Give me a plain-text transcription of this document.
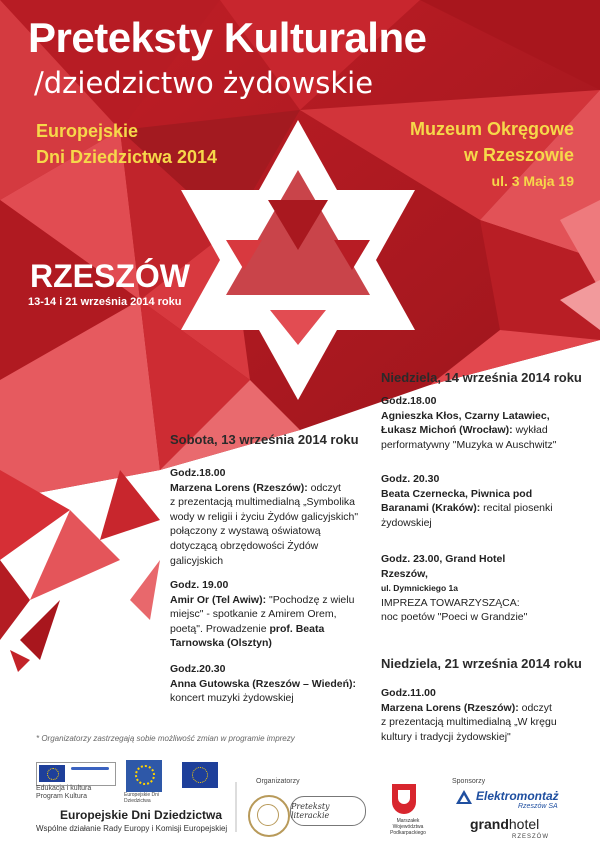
Preteksty Kulturalne
/dziedzictwo żydowskie
Europejskie
Dni Dziedzictwa 2014
Muzeum Okręgowe
w Rzeszowie
ul. 3 Maja 19
RZESZÓW
13-14 i 21 września 2014 roku
Sobota, 13 września 2014 roku
Godz.18.00
Marzena Lorens (Rzeszów): odczyt
z prezentacją multimedialną „Symbolika
wody w religii i życiu Żydów galicyjskich"
połączony z wystawą oświatową
dotyczącą obrzędowości Żydów
galicyjskich
Godz. 19.00
Amir Or (Tel Awiw): "Pochodzę z wielu
miejsc" - spotkanie z Amirem Orem,
poetą". Prowadzenie prof. Beata
Tarnowska (Olsztyn)
Godz.20.30
Anna Gutowska (Rzeszów – Wiedeń):
koncert muzyki żydowskiej
Niedziela, 14 września 2014 roku
Godz.18.00
Agnieszka Kłos, Czarny Latawiec,
Łukasz Michoń (Wrocław): wykład
performatywny "Muzyka w Auschwitz"
Godz. 20.30
Beata Czernecka, Piwnica pod
Baranami (Kraków): recital piosenki
żydowskiej
Godz. 23.00, Grand Hotel
Rzeszów,
ul. Dymnickiego 1a
IMPREZA TOWARZYSZĄCA:
noc poetów "Poeci w Grandzie"
Niedziela, 21 września 2014 roku
Godz.11.00
Marzena Lorens (Rzeszów): odczyt
z prezentacją multimedialną „W kręgu
kultury i tradycji żydowskiej"
* Organizatorzy zastrzegają sobie możliwość zmian w programie imprezy
Edukacja i kultura
Program Kultura	Europejskie Dni Dziedzictwa
Europejskie Dni Dziedzictwa
Wspólne działanie Rady Europy i Komisji Europejskiej
Organizatorzy
Preteksty literackie
Marszałek Województwa Podkarpackiego
Sponsorzy
Elektromontaż
Rzeszów SA
grandhotel
RZESZÓW
